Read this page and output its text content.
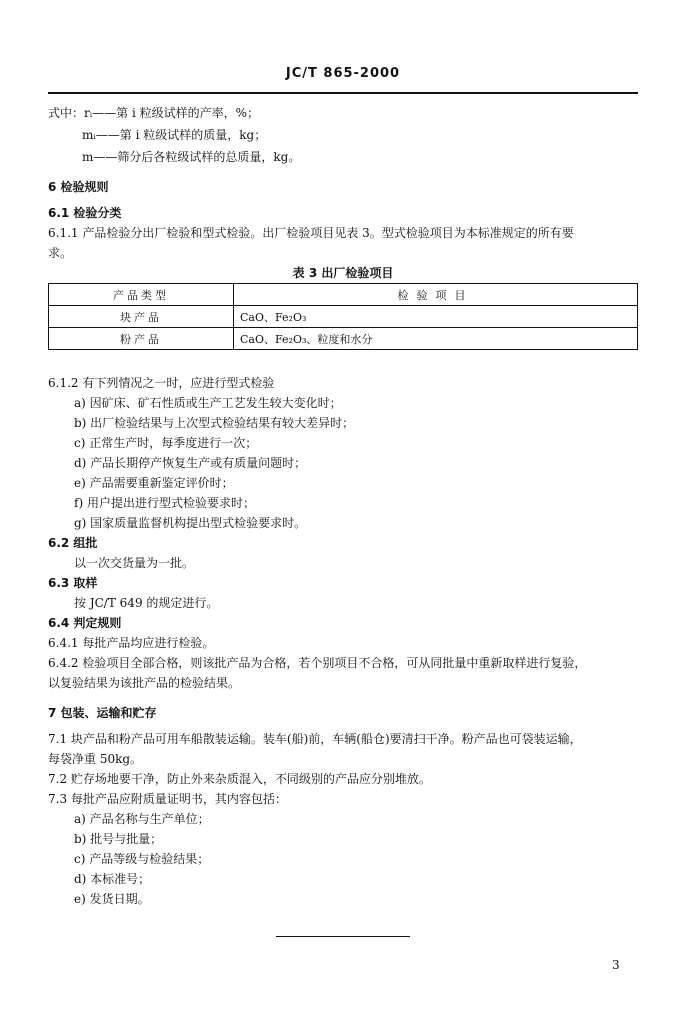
JC/T 865-2000
式中：rᵢ——第 i 粒级试样的产率，%；
mᵢ——第 i 粒级试样的质量，kg；
m——筛分后各粒级试样的总质量，kg。
6 检验规则
6.1 检验分类
6.1.1 产品检验分出厂检验和型式检验。出厂检验项目见表 3。型式检验项目为本标准规定的所有要
求。
表 3 出厂检验项目
产品类型	检验项目
块产品	CaO、Fe₂O₃
粉产品	CaO、Fe₂O₃、粒度和水分
6.1.2 有下列情况之一时，应进行型式检验
a) 因矿床、矿石性质或生产工艺发生较大变化时；
b) 出厂检验结果与上次型式检验结果有较大差异时；
c) 正常生产时，每季度进行一次；
d) 产品长期停产恢复生产或有质量问题时；
e) 产品需要重新鉴定评价时；
f) 用户提出进行型式检验要求时；
g) 国家质量监督机构提出型式检验要求时。
6.2 组批
以一次交货量为一批。
6.3 取样
按 JC/T 649 的规定进行。
6.4 判定规则
6.4.1 每批产品均应进行检验。
6.4.2 检验项目全部合格，则该批产品为合格，若个别项目不合格，可从同批量中重新取样进行复验，
以复验结果为该批产品的检验结果。
7 包装、运输和贮存
7.1 块产品和粉产品可用车船散装运输。装车(船)前，车辆(船仓)要清扫干净。粉产品也可袋装运输，
每袋净重 50kg。
7.2 贮存场地要干净，防止外来杂质混入，不同级别的产品应分别堆放。
7.3 每批产品应附质量证明书，其内容包括：
a) 产品名称与生产单位；
b) 批号与批量；
c) 产品等级与检验结果；
d) 本标准号；
e) 发货日期。
3
